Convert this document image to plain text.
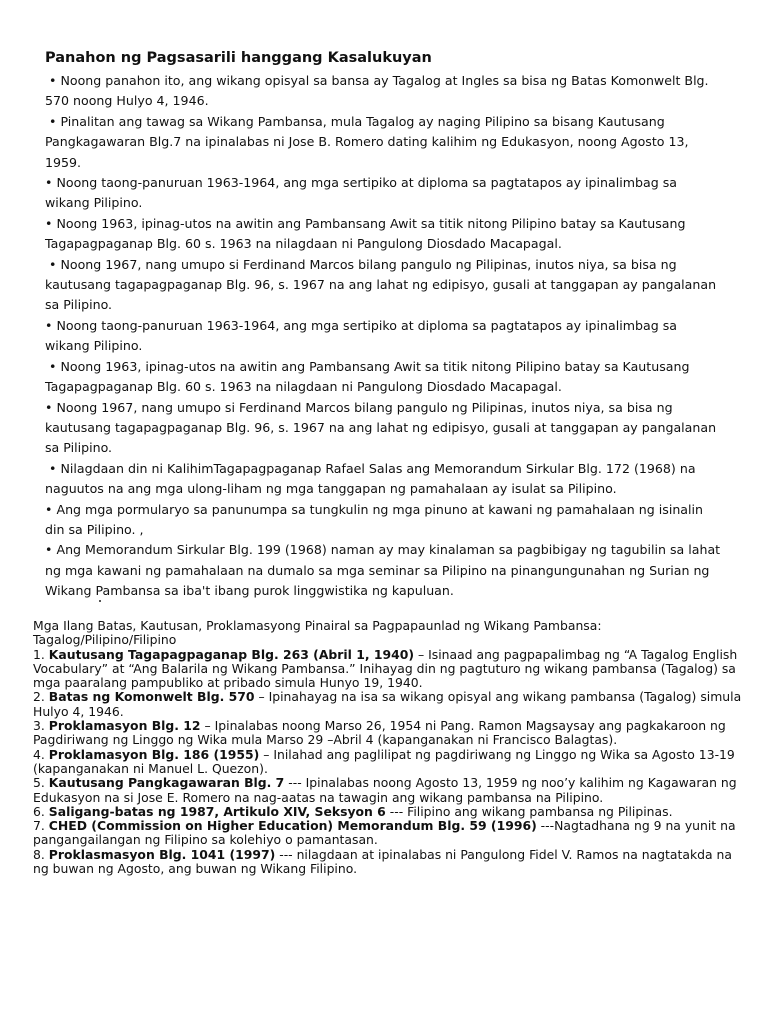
Panahon ng Pagsasarili hanggang Kasalukuyan

• Noong panahon ito, ang wikang opisyal sa bansa ay Tagalog at Ingles sa bisa ng Batas Komonwelt Blg. 570 noong Hulyo 4, 1946.

• Pinalitan ang tawag sa Wikang Pambansa, mula Tagalog ay naging Pilipino sa bisang Kautusang Pangkagawaran Blg.7 na ipinalabas ni Jose B. Romero dating kalihim ng Edukasyon, noong Agosto 13, 1959.

• Noong taong-panuruan 1963-1964, ang mga sertipiko at diploma sa pagtatapos ay ipinalimbag sa wikang Pilipino.

• Noong 1963, ipinag-utos na awitin ang Pambansang Awit sa titik nitong Pilipino batay sa Kautusang Tagapagpaganap Blg. 60 s. 1963 na nilagdaan ni Pangulong Diosdado Macapagal.

• Noong 1967, nang umupo si Ferdinand Marcos bilang pangulo ng Pilipinas, inutos niya, sa bisa ng kautusang tagapagpaganap Blg. 96, s. 1967 na ang lahat ng edipisyo, gusali at tanggapan ay pangalanan sa Pilipino.

• Noong taong-panuruan 1963-1964, ang mga sertipiko at diploma sa pagtatapos ay ipinalimbag sa wikang Pilipino.

• Noong 1963, ipinag-utos na awitin ang Pambansang Awit sa titik nitong Pilipino batay sa Kautusang Tagapagpaganap Blg. 60 s. 1963 na nilagdaan ni Pangulong Diosdado Macapagal.

• Noong 1967, nang umupo si Ferdinand Marcos bilang pangulo ng Pilipinas, inutos niya, sa bisa ng kautusang tagapagpaganap Blg. 96, s. 1967 na ang lahat ng edipisyo, gusali at tanggapan ay pangalanan sa Pilipino.

• Nilagdaan din ni KalihimTagapagpaganap Rafael Salas ang Memorandum Sirkular Blg. 172 (1968) na naguutos na ang mga ulong-liham ng mga tanggapan ng pamahalaan ay isulat sa Pilipino.

• Ang mga pormularyo sa panunumpa sa tungkulin ng mga pinuno at kawani ng pamahalaan ng isinalin din sa Pilipino. ,

• Ang Memorandum Sirkular Blg. 199 (1968) naman ay may kinalaman sa pagbibigay ng tagubilin sa lahat ng mga kawani ng pamahalaan na dumalo sa mga seminar sa Pilipino na pinangungunahan ng Surian ng Wikang Pambansa sa iba't ibang purok linggwistika ng kapuluan.

Mga Ilang Batas, Kautusan, Proklamasyong Pinairal sa Pagpapaunlad ng Wikang Pambansa: Tagalog/Pilipino/Filipino

1. Kautusang Tagapagpaganap Blg. 263 (Abril 1, 1940) – Isinaad ang pagpapalimbag ng “A Tagalog English Vocabulary” at “Ang Balarila ng Wikang Pambansa.” Inihayag din ng pagtuturo ng wikang pambansa (Tagalog) sa mga paaralang pampubliko at pribado simula Hunyo 19, 1940.

2. Batas ng Komonwelt Blg. 570 – Ipinahayag na isa sa wikang opisyal ang wikang pambansa (Tagalog) simula Hulyo 4, 1946.

3. Proklamasyon Blg. 12 – Ipinalabas noong Marso 26, 1954 ni Pang. Ramon Magsaysay ang pagkakaroon ng Pagdiriwang ng Linggo ng Wika mula Marso 29 –Abril 4 (kapanganakan ni Francisco Balagtas).

4. Proklamasyon Blg. 186 (1955) – Inilahad ang paglilipat ng pagdiriwang ng Linggo ng Wika sa Agosto 13-19 (kapanganakan ni Manuel L. Quezon).

5. Kautusang Pangkagawaran Blg. 7 --- Ipinalabas noong Agosto 13, 1959 ng noo’y kalihim ng Kagawaran ng Edukasyon na si Jose E. Romero na nag-aatas na tawagin ang wikang pambansa na Pilipino.

6. Saligang-batas ng 1987, Artikulo XIV, Seksyon 6 --- Filipino ang wikang pambansa ng Pilipinas.

7. CHED (Commission on Higher Education) Memorandum Blg. 59 (1996) ---Nagtadhana ng 9 na yunit na pangangailangan ng Filipino sa kolehiyo o pamantasan.

8. Proklasmasyon Blg. 1041 (1997) --- nilagdaan at ipinalabas ni Pangulong Fidel V. Ramos na nagtatakda na ng buwan ng Agosto, ang buwan ng Wikang Filipino.
